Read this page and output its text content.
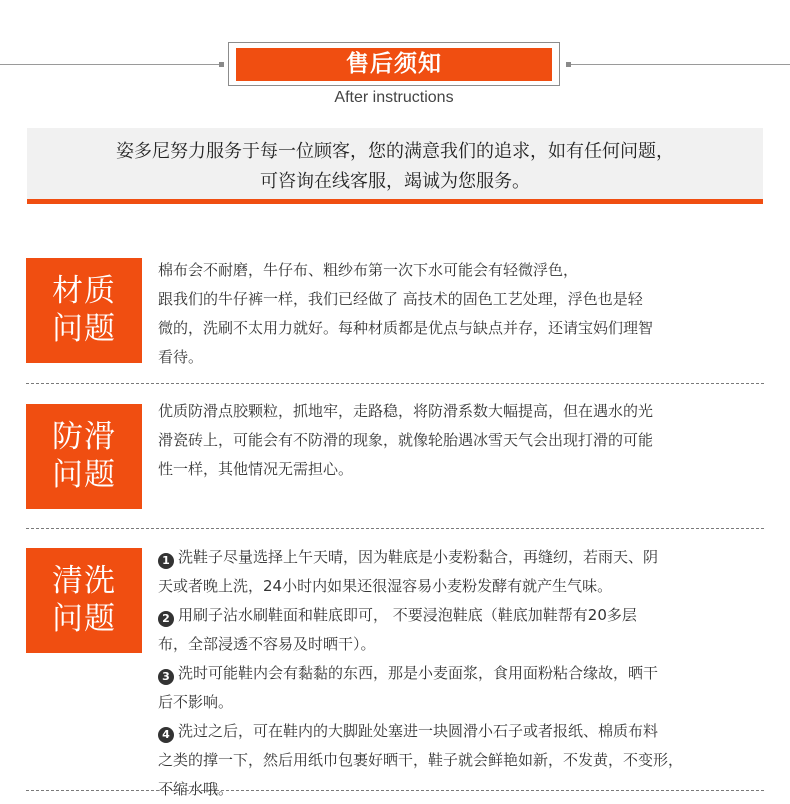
售后须知
After instructions
姿多尼努力服务于每一位顾客，您的满意我们的追求，如有任何问题，
可咨询在线客服，竭诚为您服务。
材质
问题
棉布会不耐磨，牛仔布、粗纱布第一次下水可能会有轻微浮色，
跟我们的牛仔裤一样，我们已经做了 高技术的固色工艺处理，浮色也是轻
微的，洗刷不太用力就好。每种材质都是优点与缺点并存，还请宝妈们理智
看待。
防滑
问题
优质防滑点胶颗粒，抓地牢，走路稳，将防滑系数大幅提高，但在遇水的光
滑瓷砖上，可能会有不防滑的现象，就像轮胎遇冰雪天气会出现打滑的可能
性一样，其他情况无需担心。
清洗
问题
1 洗鞋子尽量选择上午天晴，因为鞋底是小麦粉黏合，再缝纫，若雨天、阴
天或者晚上洗，24小时内如果还很湿容易小麦粉发酵有就产生气味。
2 用刷子沾水刷鞋面和鞋底即可， 不要浸泡鞋底（鞋底加鞋帮有20多层
布，全部浸透不容易及时晒干）。
3 洗时可能鞋内会有黏黏的东西，那是小麦面浆，食用面粉粘合缘故，晒干
后不影响。
4 洗过之后，可在鞋内的大脚趾处塞进一块圆滑小石子或者报纸、棉质布料
之类的撑一下，然后用纸巾包裹好晒干，鞋子就会鲜艳如新，不发黄，不变形，
不缩水哦。
